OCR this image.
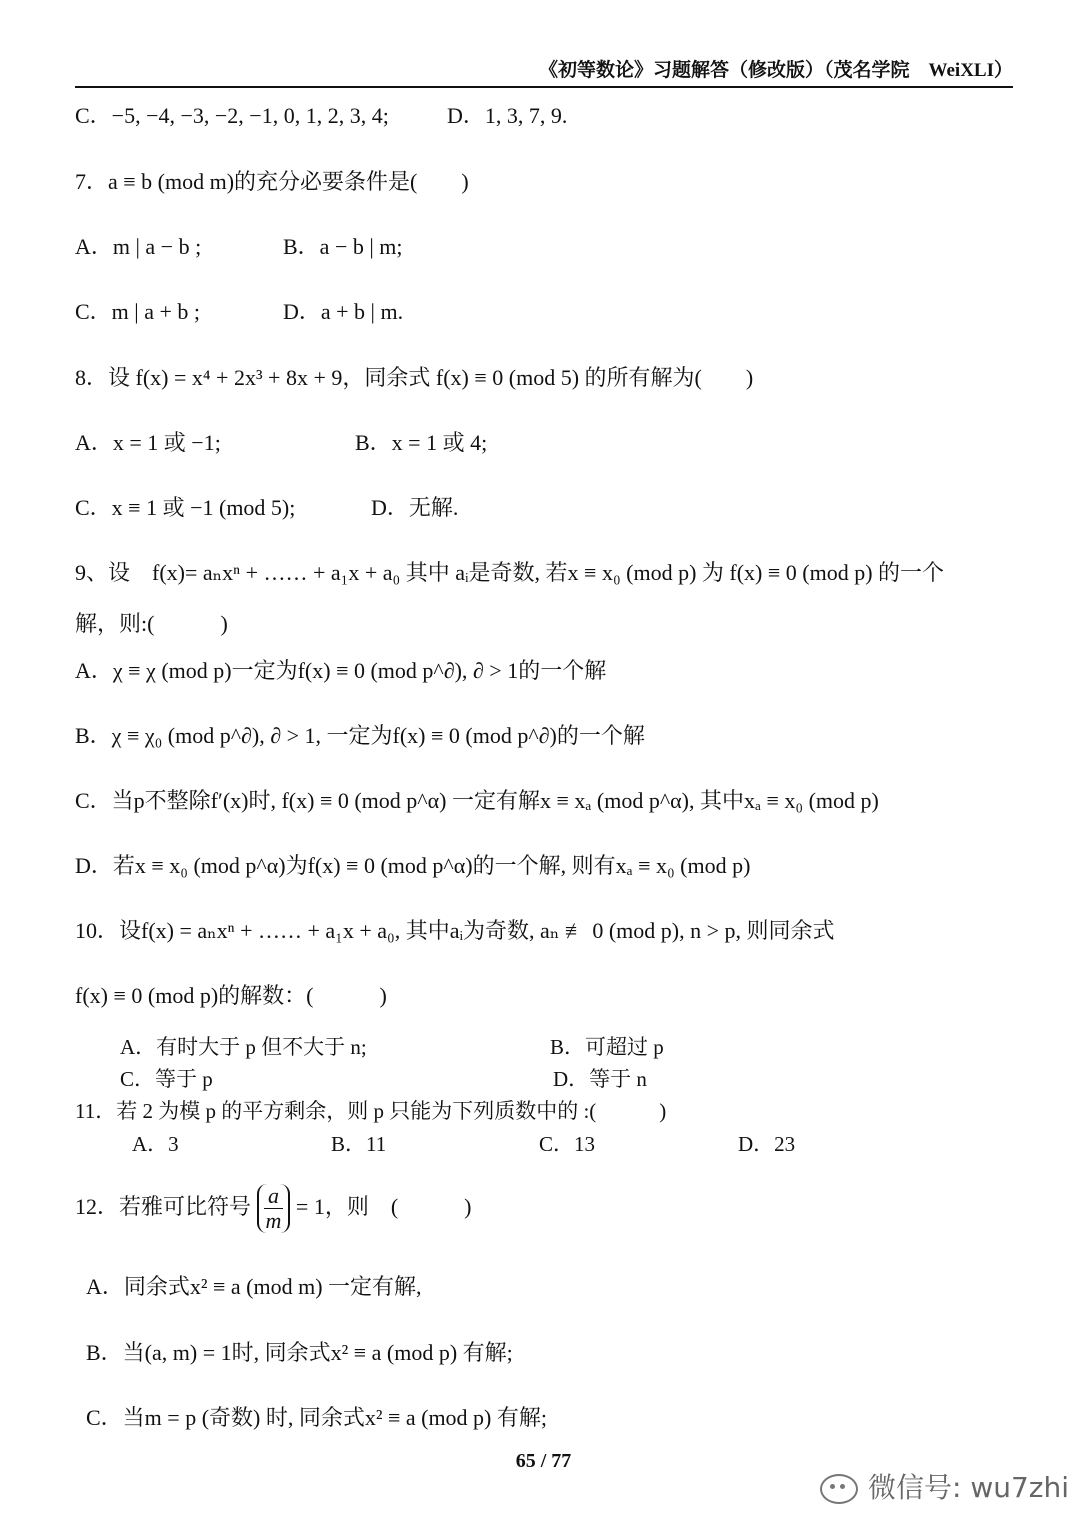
《初等数论》习题解答（修改版）（茂名学院　WeiXLI）
C．−5, −4, −3, −2, −1, 0, 1, 2, 3, 4;	D．1, 3, 7, 9.
7．a ≡ b (mod m)的充分必要条件是(　　)
A．m | a − b ;	B．a − b | m;
C．m | a + b ;	D．a + b | m.
8．设 f(x) = x⁴ + 2x³ + 8x + 9，同余式 f(x) ≡ 0 (mod 5) 的所有解为(　　)
A．x = 1 或 −1;	B．x = 1 或 4;
C．x ≡ 1 或 −1 (mod 5);	D．无解.
9、设　f(x)= aₙxⁿ + …… + a₁x + a₀ 其中 aᵢ是奇数, 若x ≡ x₀ (mod p) 为 f(x) ≡ 0 (mod p) 的一个
解，则:(　　　)
A．χ ≡ χ (mod p)一定为f(x) ≡ 0 (mod p^∂), ∂ > 1的一个解
B．χ ≡ χ₀ (mod p^∂), ∂ > 1, 一定为f(x) ≡ 0 (mod p^∂)的一个解
C．当p不整除f′(x)时, f(x) ≡ 0 (mod p^α) 一定有解x ≡ xₐ (mod p^α), 其中xₐ ≡ x₀ (mod p)
D．若x ≡ x₀ (mod p^α)为f(x) ≡ 0 (mod p^α)的一个解, 则有xₐ ≡ x₀ (mod p)
10．设f(x) = aₙxⁿ + …… + a₁x + a₀, 其中aᵢ为奇数, aₙ ≢ 0 (mod p), n > p, 则同余式
f(x) ≡ 0 (mod p)的解数：(　　　)
A．有时大于 p 但不大于 n;	B．可超过 p
C．等于 p	D．等于 n
11．若 2 为模 p 的平方剩余，则 p 只能为下列质数中的 :(　　　)
A．3	B．11	C．13	D．23
12．若雅可比符号 $\frac{a}{m} = 1$，则　(　　　)
A．同余式x² ≡ a (mod m) 一定有解,
B．当(a, m) = 1时, 同余式x² ≡ a (mod p) 有解;
C．当m = p (奇数) 时, 同余式x² ≡ a (mod p) 有解;
65 / 77
微信号: wu7zhi
